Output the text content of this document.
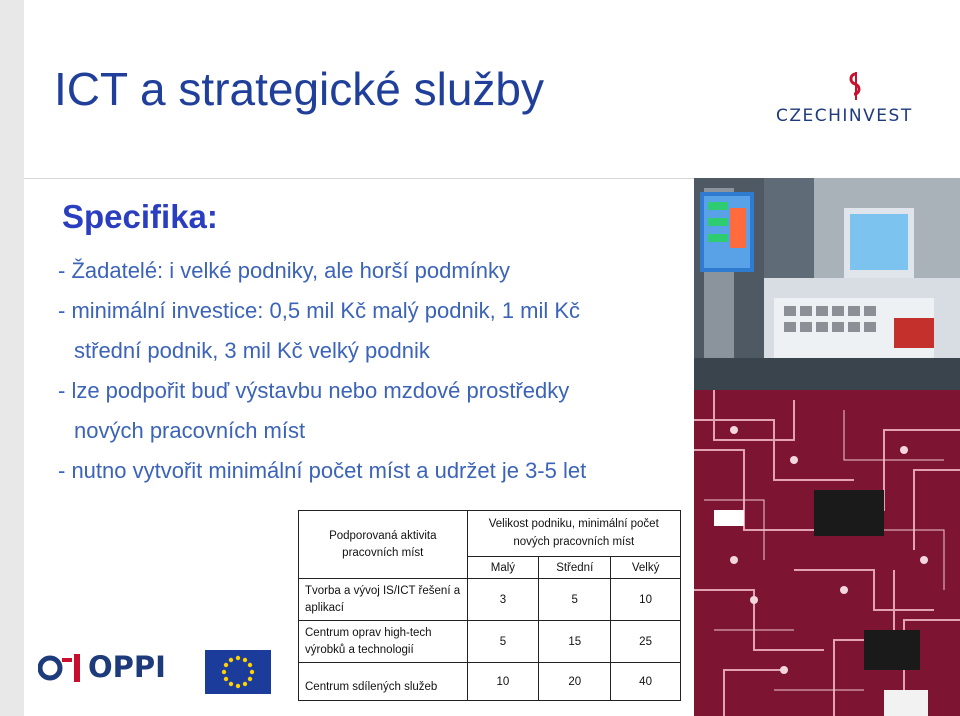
ICT a strategické služby
CZECHINVEST
Specifika:
- Žadatelé: i velké podniky, ale horší podmínky
- minimální investice: 0,5 mil Kč malý podnik, 1 mil Kč
střední podnik, 3 mil Kč velký podnik
- lze podpořit buď výstavbu nebo mzdové prostředky
nových pracovních míst
- nutno vytvořit minimální počet míst a udržet je 3-5 let
Podporovaná aktivita pracovních míst	Velikost podniku, minimální počet nových pracovních míst		
	Malý	Střední	Velký
Tvorba a vývoj IS/ICT řešení a aplikací	3	5	10
Centrum oprav high-tech výrobků a technologií	5	15	25
Centrum sdílených služeb	10	20	40
OPPI
